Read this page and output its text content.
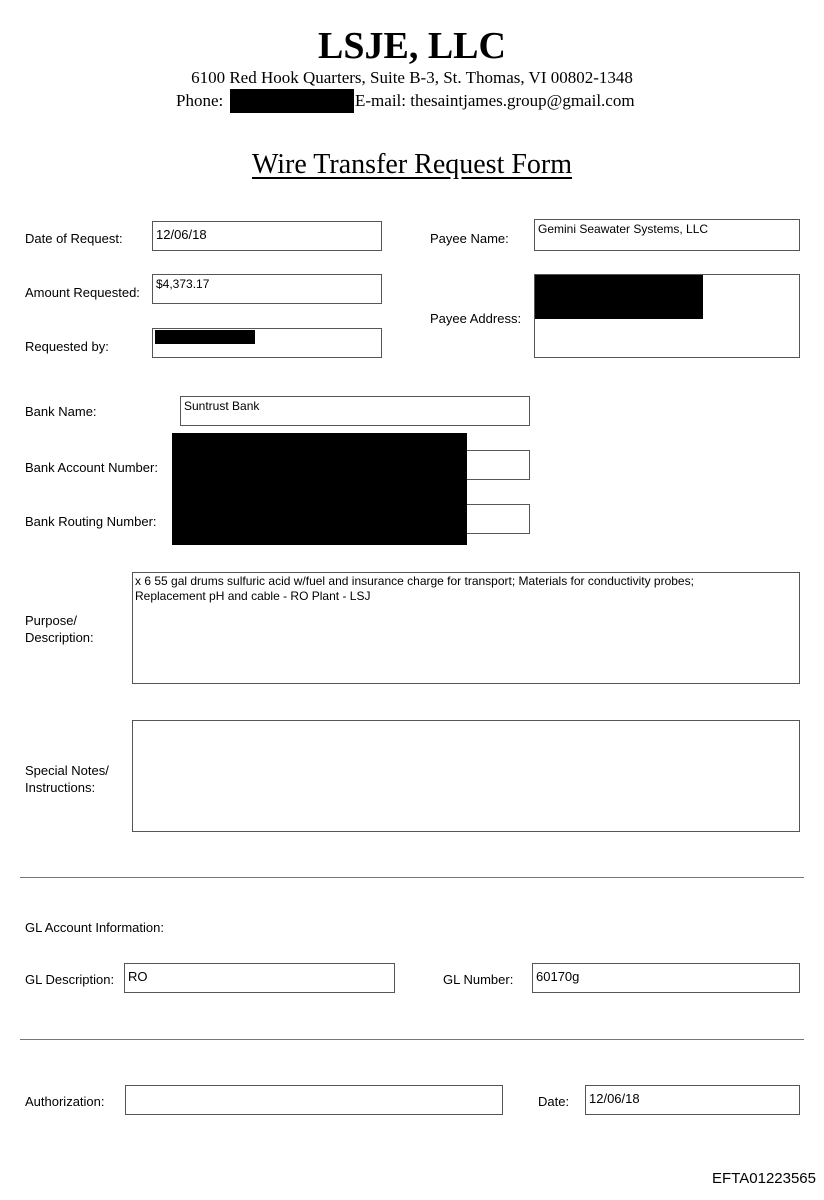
LSJE, LLC
6100 Red Hook Quarters, Suite B-3, St. Thomas, VI 00802-1348
Phone:	E-mail: thesaintjames.group@gmail.com
Wire Transfer Request Form
Date of Request:	12/06/18	Payee Name:
Gemini Seawater Systems, LLC
Amount Requested:
$4,373.17
Payee Address:
Requested by:
Bank Name:	Suntrust Bank
Bank Account Number:
Bank Routing Number:
Purpose/
Description:
x 6 55 gal drums sulfuric acid w/fuel and insurance charge for transport; Materials for conductivity probes;
Replacement pH and cable - RO Plant - LSJ
Special Notes/
Instructions:
GL Account Information:
GL Description: RO	GL Number: 60170g
Authorization:	Date: 12/06/18
EFTA01223565
